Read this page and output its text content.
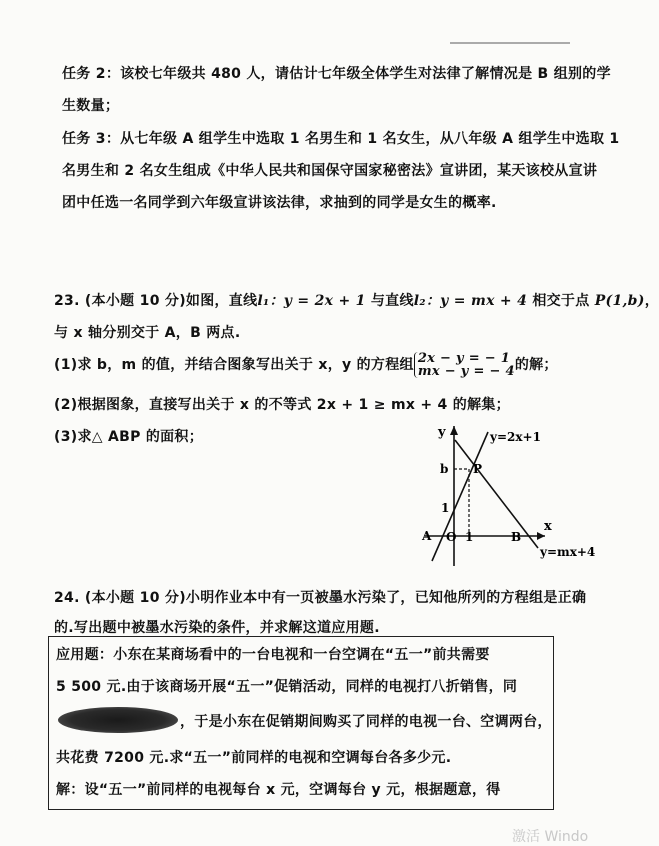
任务 2：该校七年级共 480 人，请估计七年级全体学生对法律了解情况是 B 组别的学
生数量；
任务 3：从七年级 A 组学生中选取 1 名男生和 1 名女生，从八年级 A 组学生中选取 1
名男生和 2 名女生组成《中华人民共和国保守国家秘密法》宣讲团，某天该校从宣讲
团中任选一名同学到六年级宣讲该法律，求抽到的同学是女生的概率.
23. (本小题 10 分)如图，直线l₁：y = 2x + 1 与直线l₂：y = mx + 4 相交于点 P(1,b)，
与 x 轴分别交于 A，B 两点.
(1)求 b，m 的值，并结合图象写出关于 x，y 的方程组 2x − y = − 1
mx − y = − 4的解；
(2)根据图象，直接写出关于 x 的不等式 2x + 1 ≥ mx + 4 的解集；
(3)求△ ABP 的面积；	y
x
y=2x+1
y=mx+4
b
1
A O 1	B
P
24. (本小题 10 分)小明作业本中有一页被墨水污染了，已知他所列的方程组是正确
的.写出题中被墨水污染的条件，并求解这道应用题.
应用题：小东在某商场看中的一台电视和一台空调在“五一”前共需要
5 500 元.由于该商场开展“五一”促销活动，同样的电视打八折销售，同
，于是小东在促销期间购买了同样的电视一台、空调两台，
共花费 7200 元.求“五一”前同样的电视和空调每台各多少元.
解：设“五一”前同样的电视每台 x 元，空调每台 y 元，根据题意，得
激活 Windo
